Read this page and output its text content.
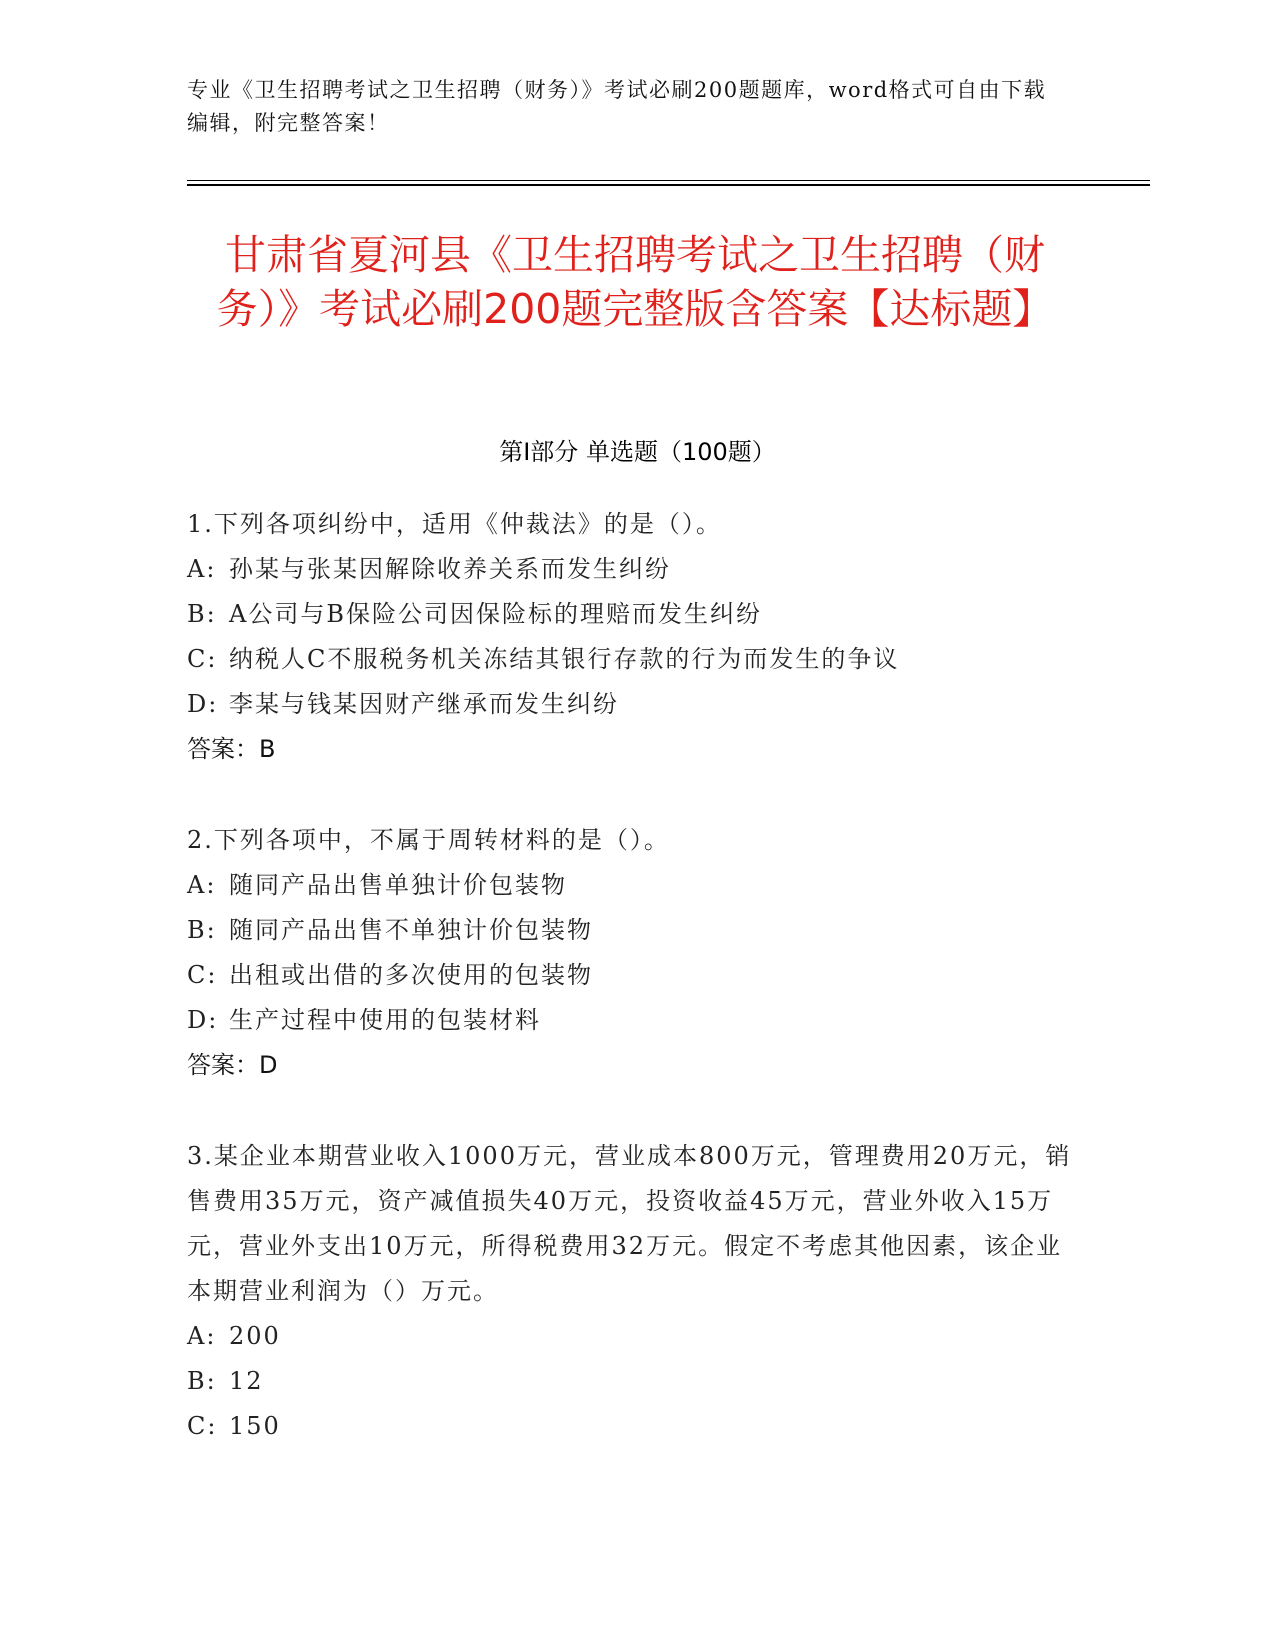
专业《卫生招聘考试之卫生招聘（财务）》考试必刷200题题库，word格式可自由下载编辑，附完整答案！
甘肃省夏河县《卫生招聘考试之卫生招聘（财务）》考试必刷200题完整版含答案【达标题】
第Ⅰ部分 单选题（100题）

1.下列各项纠纷中，适用《仲裁法》的是（）。

A: 孙某与张某因解除收养关系而发生纠纷

B: A公司与B保险公司因保险标的理赔而发生纠纷

C: 纳税人C不服税务机关冻结其银行存款的行为而发生的争议

D: 李某与钱某因财产继承而发生纠纷

答案：B

2.下列各项中，不属于周转材料的是（）。

A: 随同产品出售单独计价包装物

B: 随同产品出售不单独计价包装物

C: 出租或出借的多次使用的包装物

D: 生产过程中使用的包装材料

答案：D

3.某企业本期营业收入1000万元，营业成本800万元，管理费用20万元，销售费用35万元，资产减值损失40万元，投资收益45万元，营业外收入15万元，营业外支出10万元，所得税费用32万元。假定不考虑其他因素，该企业本期营业利润为（）万元。

A: 200

B: 12

C: 150
